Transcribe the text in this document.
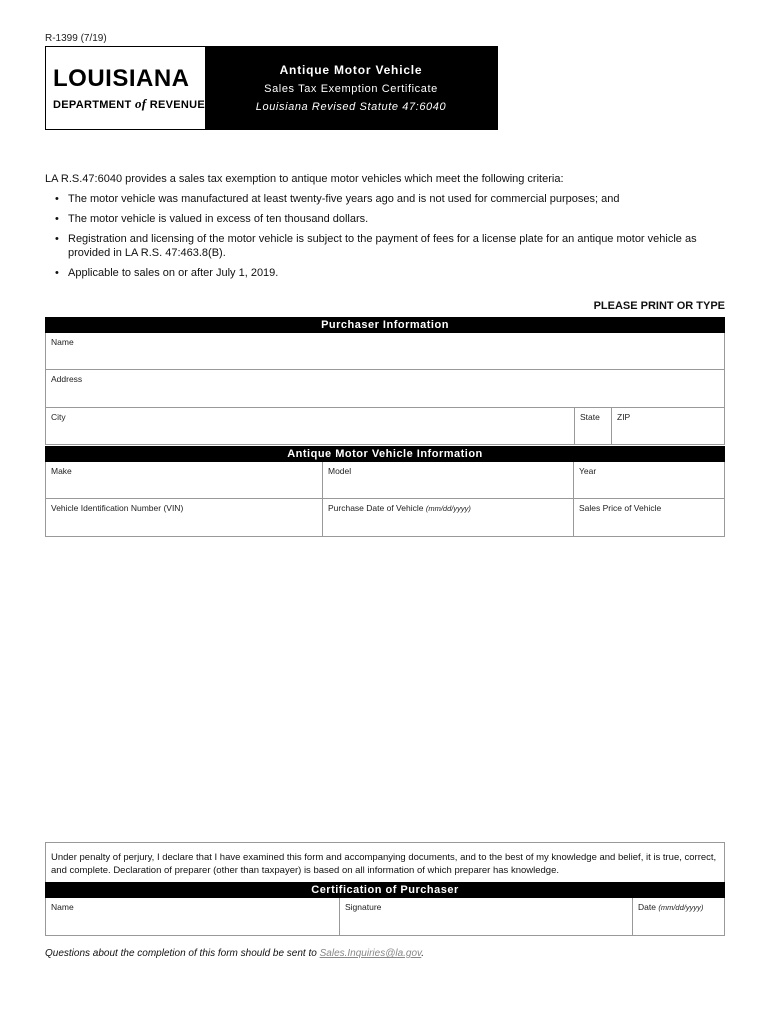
R-1399 (7/19)
LOUISIANA
DEPARTMENT of REVENUE
Antique Motor Vehicle
Sales Tax Exemption Certificate
Louisiana Revised Statute 47:6040
LA R.S.47:6040 provides a sales tax exemption to antique motor vehicles which meet the following criteria:
• The motor vehicle was manufactured at least twenty-five years ago and is not used for commercial purposes; and
• The motor vehicle is valued in excess of ten thousand dollars.
• Registration and licensing of the motor vehicle is subject to the payment of fees for a license plate for an antique motor vehicle as provided in LA R.S. 47:463.8(B).
• Applicable to sales on or after July 1, 2019.
PLEASE PRINT OR TYPE
Purchaser Information
Name
Address
City	State	ZIP
Antique Motor Vehicle Information
Make	Model	Year
Vehicle Identification Number (VIN)	Purchase Date of Vehicle (mm/dd/yyyy)	Sales Price of Vehicle
Under penalty of perjury, I declare that I have examined this form and accompanying documents, and to the best of my knowledge and belief, it is true, correct, and complete. Declaration of preparer (other than taxpayer) is based on all information of which preparer has knowledge.
Certification of Purchaser
Name	Signature	Date (mm/dd/yyyy)
Questions about the completion of this form should be sent to Sales.Inquiries@la.gov.
